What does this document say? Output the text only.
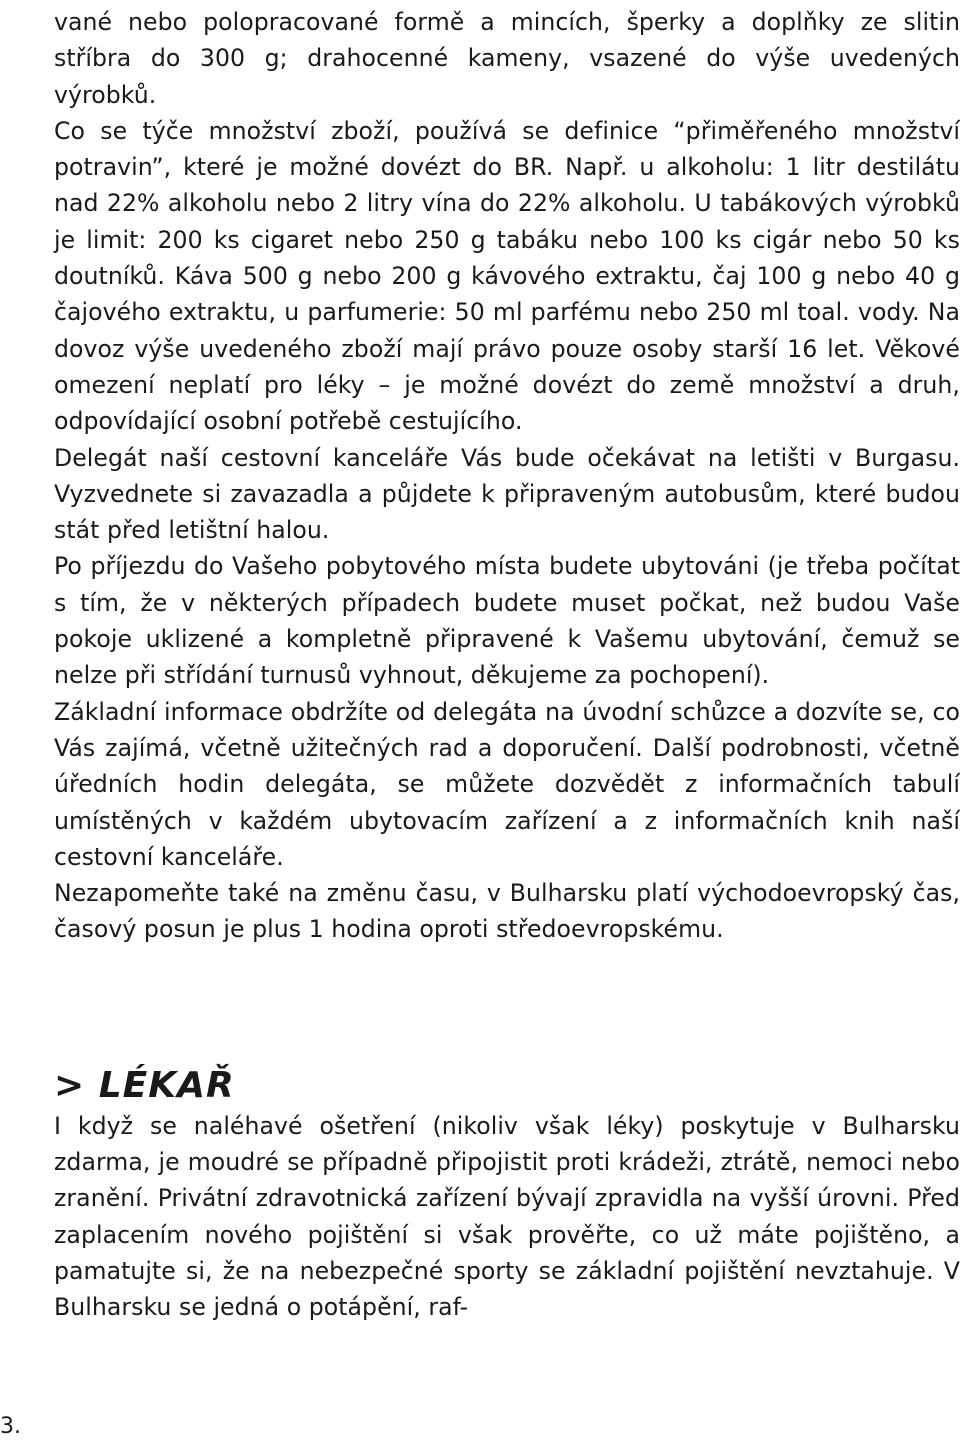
vané nebo polopracované formě a mincích, šperky a doplňky ze slitin stříbra do 300 g; drahocenné kameny, vsazené do výše uvedených výrobků.

Co se týče množství zboží, používá se definice “přiměřeného množství potravin”, které je možné dovézt do BR. Např. u alkoholu: 1 litr destilátu nad 22% alkoholu nebo 2 litry vína do 22% alkoholu. U tabákových výrobků je limit: 200 ks cigaret nebo 250 g tabáku nebo 100 ks cigár nebo 50 ks doutníků. Káva 500 g nebo 200 g kávového extraktu, čaj 100 g nebo 40 g čajového extraktu, u parfumerie: 50 ml parfému nebo 250 ml toal. vody. Na dovoz výše uvedeného zboží mají právo pouze osoby starší 16 let. Věkové omezení neplatí pro léky – je možné dovézt do země množství a druh, odpovídající osobní potřebě cestujícího.

Delegát naší cestovní kanceláře Vás bude očekávat na letišti v Burgasu. Vyzvednete si zavazadla a půjdete k připraveným autobusům, které budou stát před letištní halou.

Po příjezdu do Vašeho pobytového místa budete ubytováni (je třeba počítat s tím, že v některých případech budete muset počkat, než budou Vaše pokoje uklizené a kompletně připravené k Vašemu ubytování, čemuž se nelze při střídání turnusů vyhnout, děkujeme za pochopení).

Základní informace obdržíte od delegáta na úvodní schůzce a dozvíte se, co Vás zajímá, včetně užitečných rad a doporučení. Další podrobnosti, včetně úředních hodin delegáta, se můžete dozvědět z informačních tabulí umístěných v každém ubytovacím zařízení a z informačních knih naší cestovní kanceláře.

Nezapomeňte také na změnu času, v Bulharsku platí východoevropský čas, časový posun je plus 1 hodina oproti středoevropskému.

> LÉKAŘ

I když se naléhavé ošetření (nikoliv však léky) poskytuje v Bulharsku zdarma, je moudré se případně připojistit proti krádeži, ztrátě, nemoci nebo zranění. Privátní zdravotnická zařízení bývají zpravidla na vyšší úrovni. Před zaplacením nového pojištění si však prověřte, co už máte pojištěno, a pamatujte si, že na nebezpečné sporty se základní pojištění nevztahuje. V Bulharsku se jedná o potápění, raf-

3.
